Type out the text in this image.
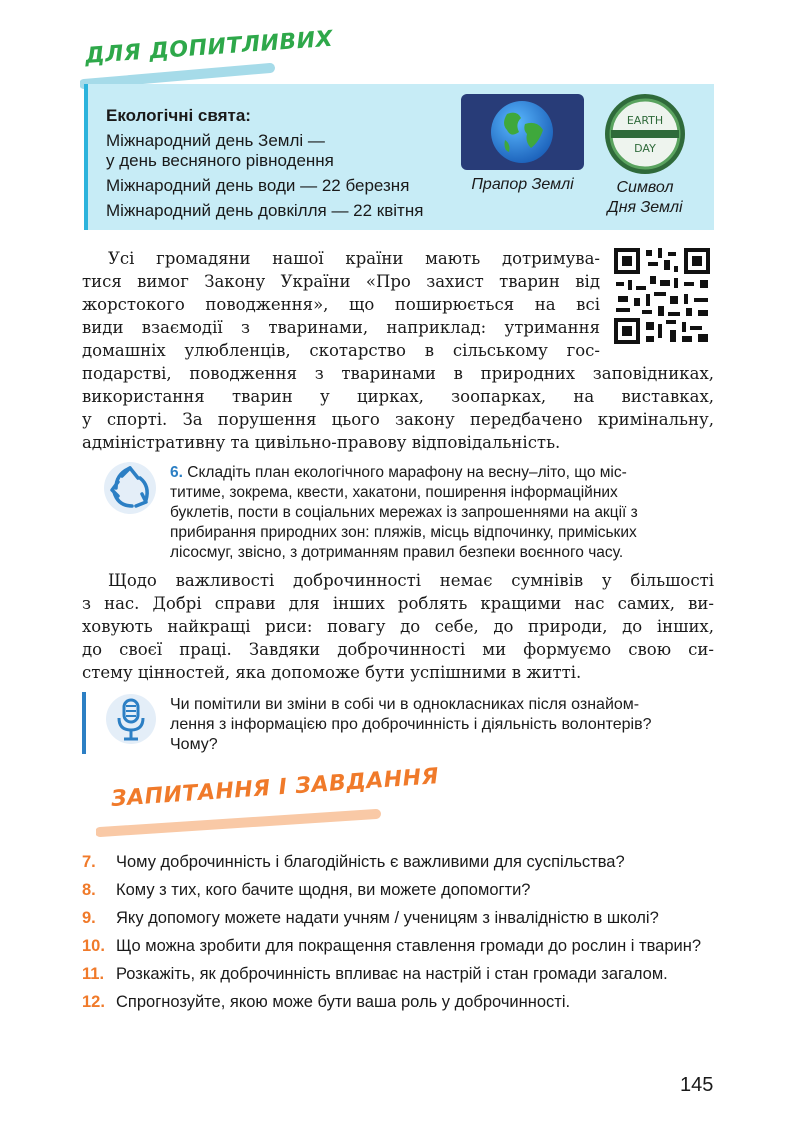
ДЛЯ ДОПИТЛИВИХ
Екологічні свята:
Міжнародний день Землі —
у день весняного рівнодення
Міжнародний день води — 22 березня
Міжнародний день довкілля — 22 квітня
Прапор Землі
EARTH
DAY
Символ
Дня Землі
Усі громадяни нашої країни мають дотримува-
тися вимог Закону України «Про захист тварин від
жорстокого поводження», що поширюється на всі
види взаємодії з тваринами, наприклад: утримання
домашніх улюбленців, скотарство в сільському гос-
подарстві, поводження з тваринами в природних заповідниках,
використання тварин у цирках, зоопарках, на виставках,
у спорті. За порушення цього закону передбачено кримінальну,
адміністративну та цивільно-правову відповідальність.
6. Складіть план екологічного марафону на весну–літо, що міс-
титиме, зокрема, квести, хакатони, поширення інформаційних
буклетів, пости в соціальних мережах із запрошеннями на акції з
прибирання природних зон: пляжів, місць відпочинку, приміських
лісосмуг, звісно, з дотриманням правил безпеки воєнного часу.
Щодо важливості доброчинності немає сумнівів у більшості
з нас. Добрі справи для інших роблять кращими нас самих, ви-
ховують найкращі риси: повагу до себе, до природи, до інших,
до своєї праці. Завдяки доброчинності ми формуємо свою си-
стему цінностей, яка допоможе бути успішними в житті.
Чи помітили ви зміни в собі чи в однокласниках після ознайом-
лення з інформацією про доброчинність і діяльність волонтерів?
Чому?
ЗАПИТАННЯ І ЗАВДАННЯ
7.	Чому доброчинність і благодійність є важливими для суспільства?
8.	Кому з тих, кого бачите щодня, ви можете допомогти?
9.	Яку допомогу можете надати учням / ученицям з інвалідністю в школі?
10. Що можна зробити для покращення ставлення громади до рослин і тварин?
11. Розкажіть, як доброчинність впливає на настрій і стан громади загалом.
12. Спрогнозуйте, якою може бути ваша роль у доброчинності.
145
